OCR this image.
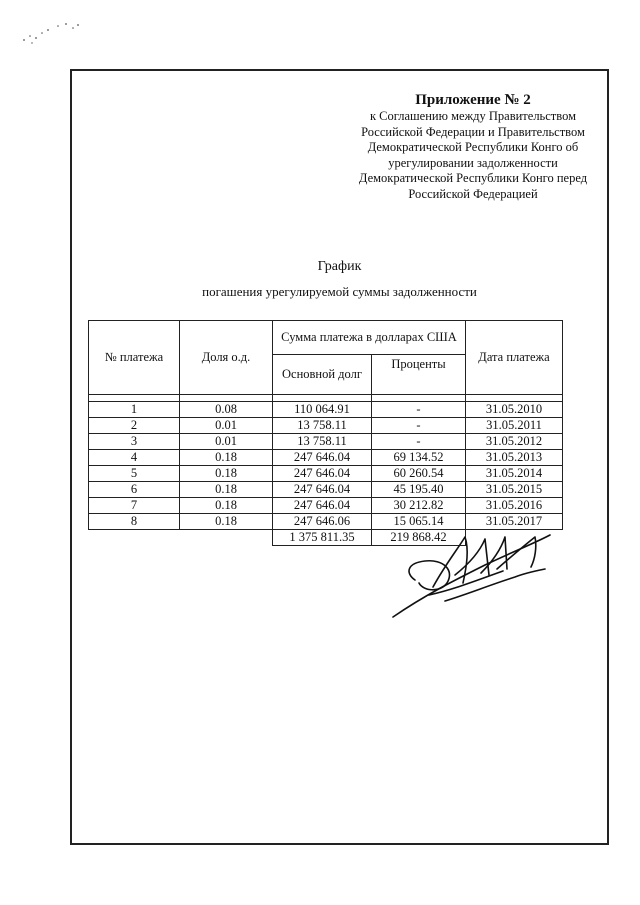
Приложение № 2
к Соглашению между Правительством
Российской Федерации и Правительством
Демократической Республики Конго об
урегулировании задолженности
Демократической Республики Конго перед
Российской Федерацией
График
погашения урегулируемой суммы задолженности
№ платежа	Доля о.д.	Сумма платежа в долларах США		Дата платежа
		Основной долг	Проценты	

1	0.08	110 064.91	-	31.05.2010
2	0.01	13 758.11	-	31.05.2011
3	0.01	13 758.11	-	31.05.2012
4	0.18	247 646.04	69 134.52	31.05.2013
5	0.18	247 646.04	60 260.54	31.05.2014
6	0.18	247 646.04	45 195.40	31.05.2015
7	0.18	247 646.04	30 212.82	31.05.2016
8	0.18	247 646.06	15 065.14	31.05.2017
		1 375 811.35	219 868.42	
